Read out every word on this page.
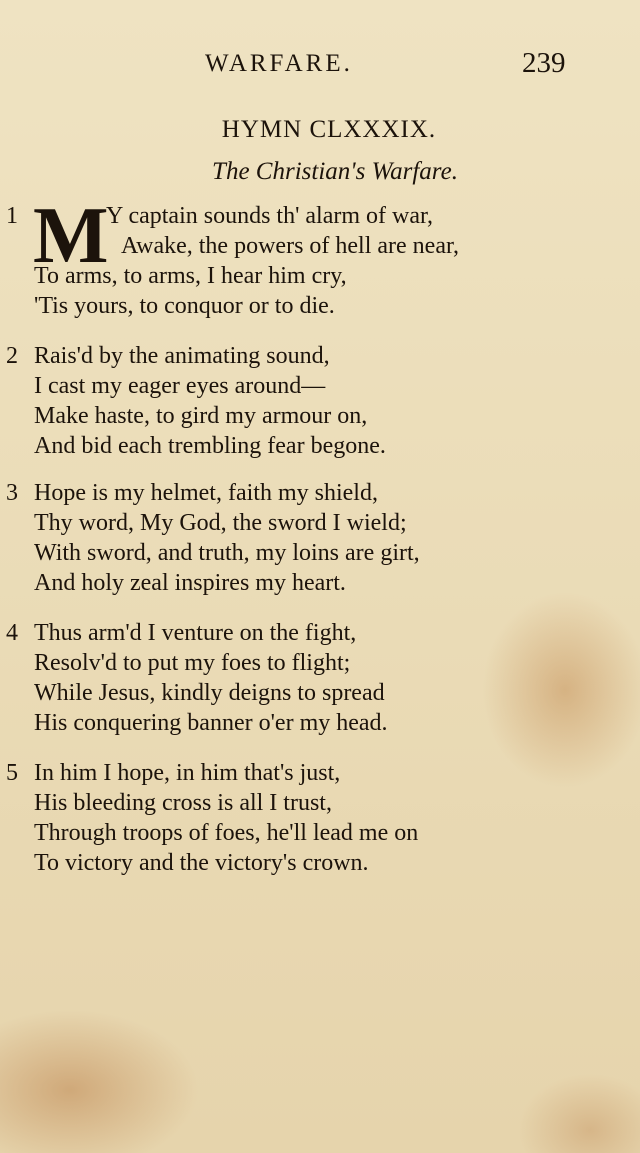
WARFARE.	239
HYMN CLXXXIX.
The Christian's Warfare.
M
1	Y captain sounds th' alarm of war,
Awake, the powers of hell are near,
To arms, to arms, I hear him cry,
'Tis yours, to conquor or to die.
2 Rais'd by the animating sound,
I cast my eager eyes around—
Make haste, to gird my armour on,
And bid each trembling fear begone.
3 Hope is my helmet, faith my shield,
Thy word, My God, the sword I wield;
With sword, and truth, my loins are girt,
And holy zeal inspires my heart.
4 Thus arm'd I venture on the fight,
Resolv'd to put my foes to flight;
While Jesus, kindly deigns to spread
His conquering banner o'er my head.
5 In him I hope, in him that's just,
His bleeding cross is all I trust,
Through troops of foes, he'll lead me on
To victory and the victory's crown.
